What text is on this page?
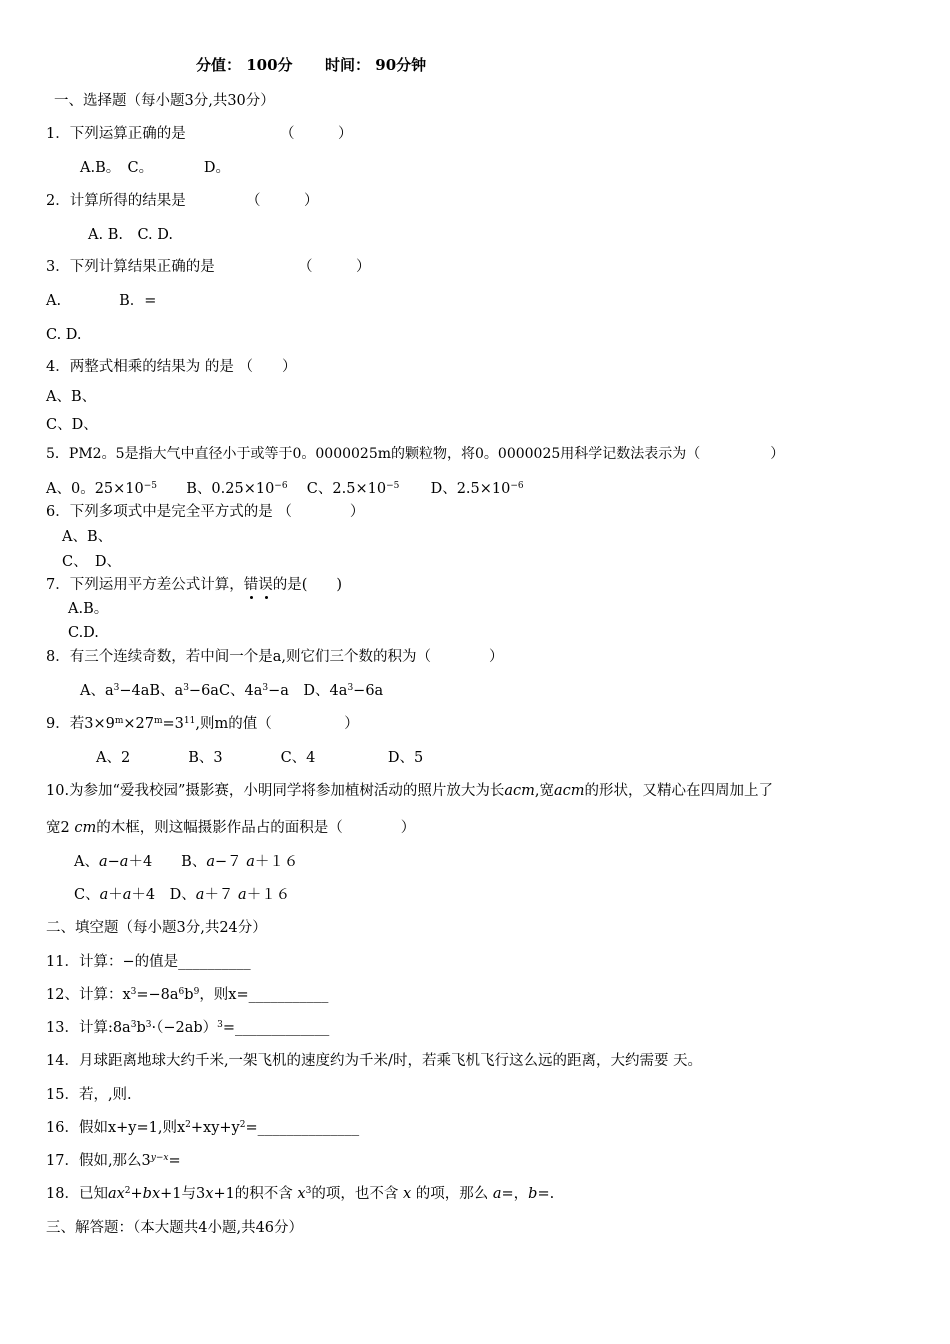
分值： 100分 时间： 90分钟
一、选择题（每小题3分,共30分）
1．下列运算正确的是	（　　　）
A.B。　C。　　　　D。
2．计算所得的结果是	（　　　）
A. B.　C. D.
3．下列计算结果正确的是	（　　　）
A.　　　　B．=
C. D.
4．两整式相乘的结果为 的是 （　　）
A、B、
C、D、
5．PM2。5是指大气中直径小于或等于0。0000025m的颗粒物，将0。0000025用科学记数法表示为（　　　　　）
A、0。$25\times 10^{-5}$ B、$0.25\times 10^{-6}$ C、$2.5\times 10^{-5}$ D、$2.5\times 10^{-6}$
6．下列多项式中是完全平方式的是 （　　　　）
A、B、
C、　D、
7．下列运用平方差公式计算，错误的是(　　)
A.B。
C.D.
8．有三个连续奇数，若中间一个是a,则它们三个数的积为（　　　　）
A、$a^3-4aB$、$a^3-6aC$、$4a^3-a$　D、$4a^3-6a$
9．若$3\times 9^m\times 27^m=3^{11}$,则m的值（　　　　　）
A、2　　　　B、3　　　　C、4　　　　　D、5
10.为参加“爱我校园”摄影赛，小明同学将参加植树活动的照片放大为长acm,宽acm的形状，又精心在四周加上了
宽2 cm的木框，则这幅摄影作品占的面积是（　　　　）
A、a−a＋4　　B、a−７ a＋１６
C、a＋a＋4　D、a＋７ a＋１６
二、填空题（每小题3分,共24分）
11．计算：−的值是__________
12、计算：$x^3=-8a^6b^9$，则x=___________
13．计算$:8a^3b^3\cdot(-2ab)^3=\_\_\_\_\_\_\_\_\_\_\_\_\_$
14．月球距离地球大约千米,一架飞机的速度约为千米/时，若乘飞机飞行这么远的距离，大约需要 天。
15．若，,则.
16．假如x+y=1,则$x^2+xy+y^2=\_\_\_\_\_\_\_\_\_\_\_\_\_\_$
17．假如,那么$3^{y-x}=$
18．已知$ax^2+bx+1$与3x+1的积不含 $x^3$的项，也不含 x 的项，那么 a=，b=.
三、解答题：（本大题共4小题,共46分）
